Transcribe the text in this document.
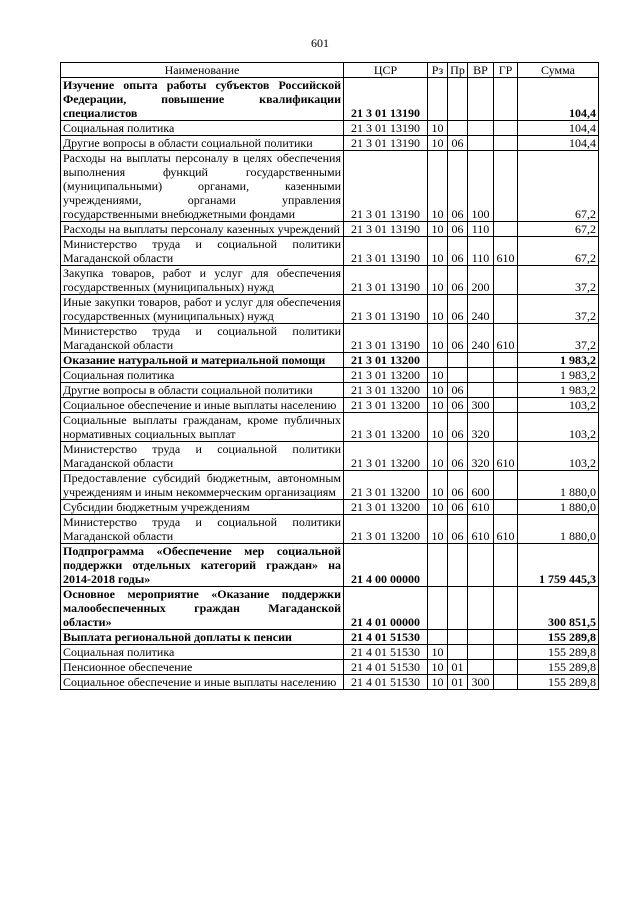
601
Наименование	ЦСР	Рз	Пр	ВР	ГР	Сумма
Изучение опыта работы субъектов Российской Федерации, повышение квалификации специалистов	21 3 01 13190					104,4
Социальная политика	21 3 01 13190	10				104,4
Другие вопросы в области социальной политики	21 3 01 13190	10	06			104,4
Расходы на выплаты персоналу в целях обеспечения выполнения функций государственными (муниципальными) органами, казенными учреждениями, органами управления государственными внебюджетными фондами	21 3 01 13190	10	06	100		67,2
Расходы на выплаты персоналу казенных учреждений	21 3 01 13190	10	06	110		67,2
Министерство труда и социальной политики Магаданской области	21 3 01 13190	10	06	110	610	67,2
Закупка товаров, работ и услуг для обеспечения государственных (муниципальных) нужд	21 3 01 13190	10	06	200		37,2
Иные закупки товаров, работ и услуг для обеспечения государственных (муниципальных) нужд	21 3 01 13190	10	06	240		37,2
Министерство труда и социальной политики Магаданской области	21 3 01 13190	10	06	240	610	37,2
Оказание натуральной и материальной помощи	21 3 01 13200					1 983,2
Социальная политика	21 3 01 13200	10				1 983,2
Другие вопросы в области социальной политики	21 3 01 13200	10	06			1 983,2
Социальное обеспечение и иные выплаты населению	21 3 01 13200	10	06	300		103,2
Социальные выплаты гражданам, кроме публичных нормативных социальных выплат	21 3 01 13200	10	06	320		103,2
Министерство труда и социальной политики Магаданской области	21 3 01 13200	10	06	320	610	103,2
Предоставление субсидий бюджетным, автономным учреждениям и иным некоммерческим организациям	21 3 01 13200	10	06	600		1 880,0
Субсидии бюджетным учреждениям	21 3 01 13200	10	06	610		1 880,0
Министерство труда и социальной политики Магаданской области	21 3 01 13200	10	06	610	610	1 880,0
Подпрограмма «Обеспечение мер социальной поддержки отдельных категорий граждан» на 2014-2018 годы»	21 4 00 00000					1 759 445,3
Основное мероприятие «Оказание поддержки малообеспеченных граждан Магаданской области»	21 4 01 00000					300 851,5
Выплата региональной доплаты к пенсии	21 4 01 51530					155 289,8
Социальная политика	21 4 01 51530	10				155 289,8
Пенсионное обеспечение	21 4 01 51530	10	01			155 289,8
Социальное обеспечение и иные выплаты населению	21 4 01 51530	10	01	300		155 289,8
